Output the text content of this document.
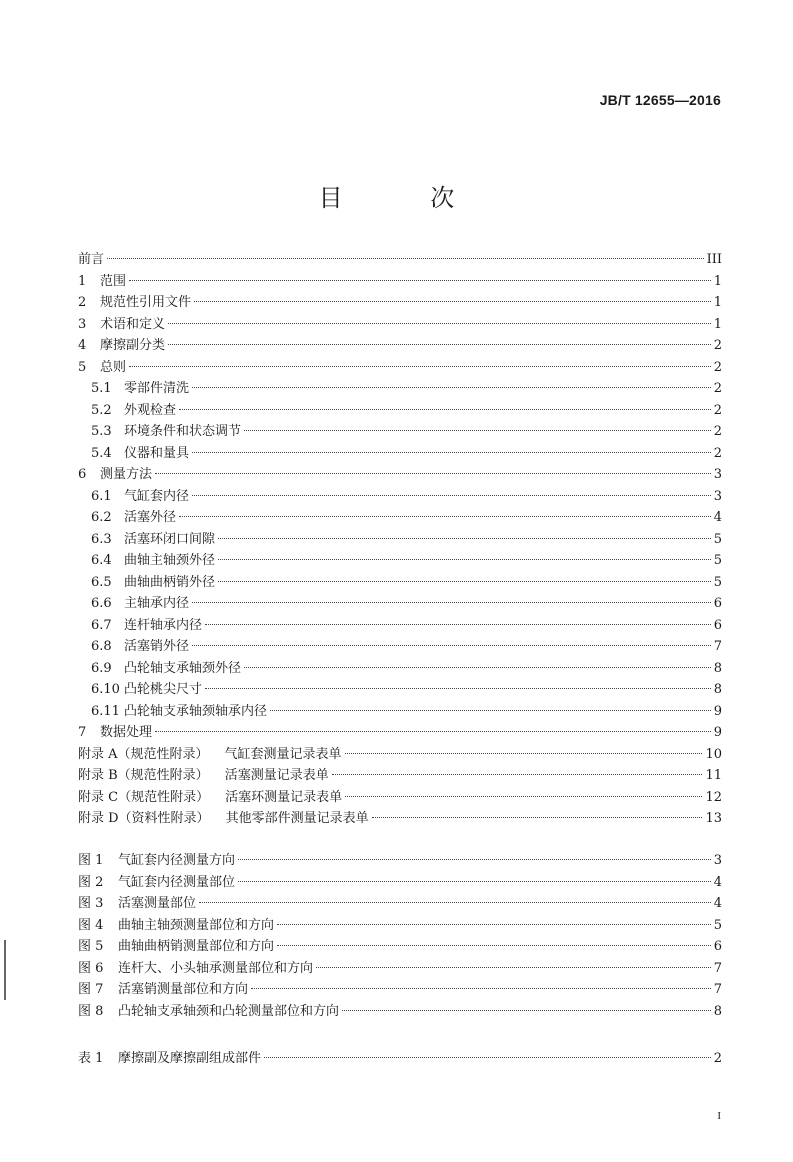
JB/T 12655—2016
目 次
前言	III
1	范围	1
2	规范性引用文件	1
3	术语和定义	1
4	摩擦副分类	2
5	总则	2
5.1 零部件清洗	2
5.2 外观检查	2
5.3 环境条件和状态调节	2
5.4 仪器和量具	2
6	测量方法	3
6.1 气缸套内径	3
6.2 活塞外径	4
6.3 活塞环闭口间隙	5
6.4 曲轴主轴颈外径	5
6.5 曲轴曲柄销外径	5
6.6 主轴承内径	6
6.7 连杆轴承内径	6
6.8 活塞销外径	7
6.9 凸轮轴支承轴颈外径	8
6.10 凸轮桃尖尺寸	8
6.11 凸轮轴支承轴颈轴承内径	9
7	数据处理	9
附录 A（规范性附录） 气缸套测量记录表单	10
附录 B（规范性附录） 活塞测量记录表单	11
附录 C（规范性附录） 活塞环测量记录表单	12
附录 D（资料性附录） 其他零部件测量记录表单	13
图 1	气缸套内径测量方向	3
图 2	气缸套内径测量部位	4
图 3	活塞测量部位	4
图 4	曲轴主轴颈测量部位和方向	5
图 5	曲轴曲柄销测量部位和方向	6
图 6	连杆大、小头轴承测量部位和方向	7
图 7	活塞销测量部位和方向	7
图 8	凸轮轴支承轴颈和凸轮测量部位和方向	8
表 1	摩擦副及摩擦副组成部件	2
I
